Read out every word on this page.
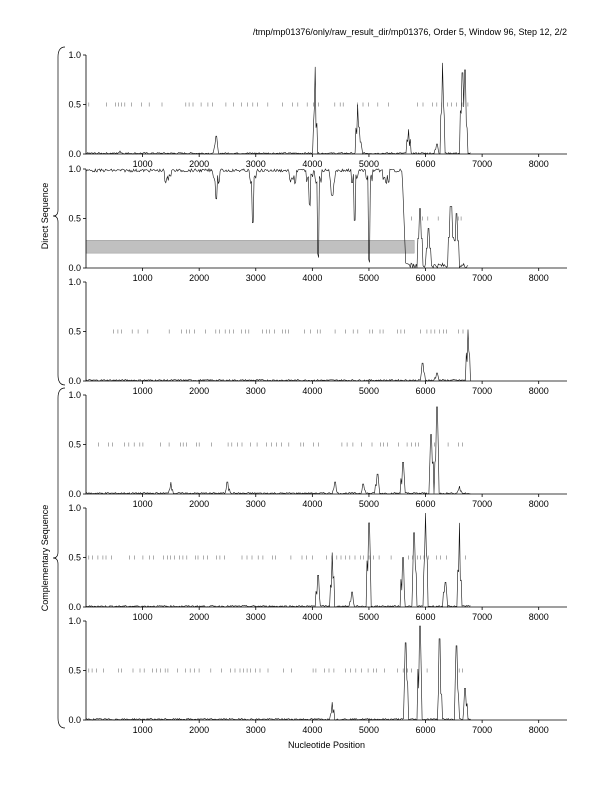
/tmp/mp01376/only/raw_result_dir/mp01376, Order 5, Window 96, Step 12, 2/2
0.0
0.5
1.0
1000	2000	3000	4000	5000	6000	7000	8000
0.0
0.5
1.0
1000	2000	3000	4000	5000	6000	7000	8000
0.0
0.5
1.0
1000	2000	3000	4000	5000	6000	7000	8000
0.0
0.5
1.0
1000	2000	3000	4000	5000	6000	7000	8000
0.0
0.5
1.0
1000	2000	3000	4000	5000	6000	7000	8000
0.0
0.5
1.0
1000	2000	3000	4000	5000	6000	7000	8000
Direct Sequence
Complementary Sequence
Nucleotide Position
